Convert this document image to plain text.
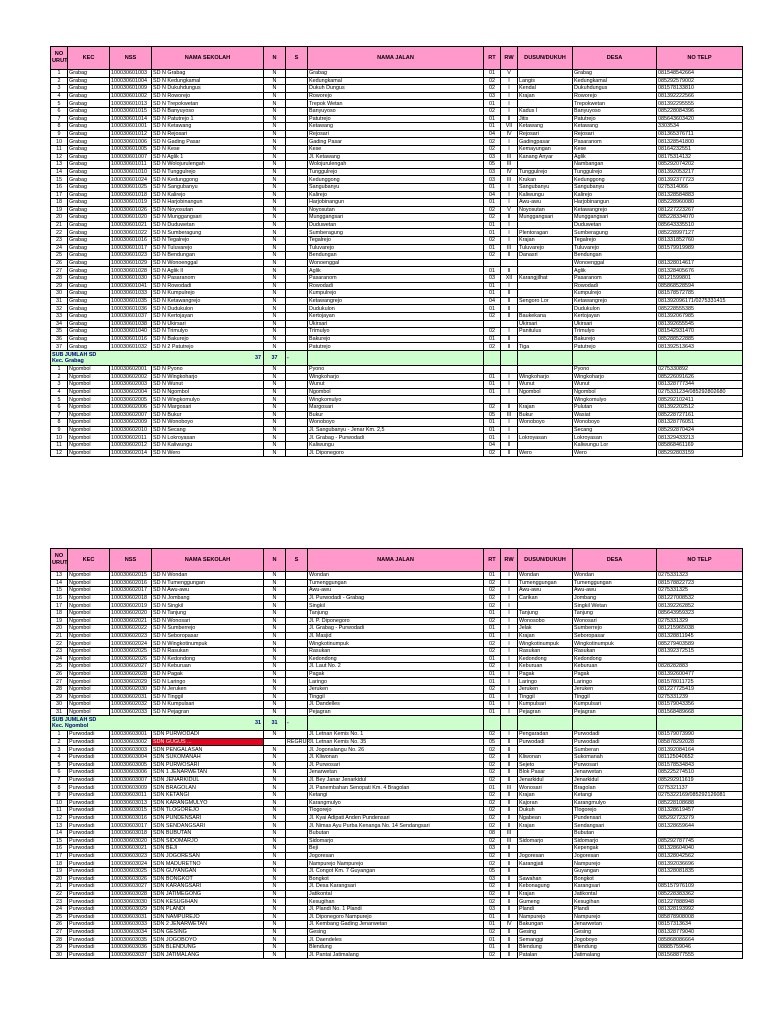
NO URUT	KEC	NSS	NAMA SEKOLAH	N	S	NAMA JALAN	RT	RW	DUSUN/DUKUH	DESA	NO TELP
1	Grabag	100030601003	SD N Grabag	N		Grabag	01	V		Grabag	081548542664
2	Grabag	100030601004	SD N Kedungkamal	N		Kedungkamal	02	I	Langis	Kedungkamal	085292579002
3	Grabag	100030601009	SD N Dukuhdungus	N		Dukuh Dungus	02	I	Kendal	Dukuhdungus	081578133810
4	Grabag	100030601002	SD N Roworejo	N		Roworejo	03	I	Krajan	Roworejo	081392222566
5	Grabag	100030601013	SD N Trepokwetan	N		Trepok Wetan	01	I		Trepokwetan	081392295555
6	Grabag	100030601015	SD N Banyuyoso	N		Banyuyoso	02	I	Kadus I	Banyuyoso	085228084396
7	Grabag	100030601014	SD N Patutrejo 1	N		Patutrejo	01	II	Jitis	Patutrejo	085643603420
8	Grabag	100030601001	SD N Ketawang	N		Ketawang	01	VII	Ketawang	Ketawang	3303534
9	Grabag	100030601012	SD N Rejosari	N		Rejosari	04	IV	Rejosari	Rejosari	081365376711
10	Grabag	100030601006	SD N Gading Pasar	N		Gading Pasar	02	I	Gadingpasar	Pasaranom	081328541800
11	Grabag	100030601005	SD N Kese	N		Kese	02	I	Kemayungan	Kese	08164232551
12	Grabag	100030601007	SD N Aglik 1	N		Jl. Ketawang	03	III	Kanang Anyar	Aglik	08175314132
13	Grabag	100030601011	SD N Wolojurulengah	N		Wolojurulengah	05	III		Nambangan	085292074202
14	Grabag	100030601010	SD N Tunggulrejo	N		Tunggulrejo	03	IV	Tunggulrejo	Tunggulrejo	081392053217
15	Grabag	100030601024	SD N Kedunggong	N		Kedunggong	03	III	Krukan	Kedunggong	081392377723
16	Grabag	100030601025	SD N Sangubanyu	N		Sangubanyu	01	I	Sangubanyu	Sangubanyu	0275314066
17	Grabag	100030601018	SD N Kalirejo	N		Kalirejo	04	I	Kaliwungu	Kalirejo	081328584883
18	Grabag	100030601019	SD N Harjobinangun	N		Harjobinangun	01	I	Awu-awu	Harjobinangun	085228960080
19	Grabag	100030601026	SD N Noyosutan	N		Noyosutan	02	V	Noyosutan	Ketawangrejo	081227223267
20	Grabag	100030601020	SD N Munggangsari	N		Munggangsari	02	II	Munggangsari	Munggangsari	085228334070
21	Grabag	100030601021	SD N Duduwetan	N		Duduwetan	01	I		Duduwetan	085643335510
22	Grabag	100030601022	SD N Sumberagung	N		Sumberagung	01	I	Plentoragan	Sumberagung	085228997127
23	Grabag	100030601016	SD N Tegalrejo	N		Tegalrejo	02	I	Krajan	Tegalrejo	081331852760
24	Grabag	100030601017	SD N Tuluvarejo	N		Tuluvarejo	01	III	Tuluvarejo	Tuluvarejo	081579919989
25	Grabag	100030601023	SD N Bendungan	N		Bendungan	02	II	Danasri	Bendungan	
26	Grabag	100030601029	SD N Wonoenggal	N		Wonoenggal				Wonoenggal	081328014617
27	Grabag	100030601028	SD N Aglik II	N		Aglik	01	II		Aglik	081328405676
28	Grabag	100030601030	SD N Pasaranom	N		Pasaranom	03	XII	Karangjilhat	Pasaranom	08121599801
29	Grabag	100030601041	SD N Rowodadi	N		Rowodadi	01	I		Rowodadi	085868528594
30	Grabag	100030601033	SD N Kumpulrejo	N		Kumpulrejo	01	II		Kumpulrejo	081578572785
31	Grabag	100030601035	SD N Ketawangrejo	N		Ketawangrejo	04	II	Sengoro Lor	Ketawangrejo	081392096171/0275331415
32	Grabag	100030601036	SD N Dudukulon	N		Dudukulon	01	II		Dudukulon	085228555385
33	Grabag	100030601037	SD N Kertojayan	N		Kertojayan	02	II	Baukekana	Kertojayan	081392067985
34	Grabag	100030601038	SD N Ukirsari	N		Ukirsari			Ukirsari	Ukirsari	081392655545
35	Grabag	100030601040	SD N Trimulyo	N		Trimulyo	02	I	Panitulus	Trimulyo	081542931470
36	Grabag	100030601016	SD N Bakurejo	N		Bakurejo	01	II		Bakurejo	085288522885
37	Grabag	100030601032	SD N 2 Patutrejo	N		Patutrejo	02	II	Tiga	Patutrejo	081392513643

SUB JUMLAH SD
Kec. Grabag 37				37	-						
1	Ngombol	100030602001	SD N Pyono	N		Pyono				Pyono	0275330892
2	Ngombol	100030602002	SD N Wingkoharjo	N		Wingkoharjo	01	I	Wingkoharjo	Wingkoharjo	085226091626
3	Ngombol	100030602003	SD N Wunut	N		Wunut	01	I	Wunut	Wunut	081328777344
4	Ngombol	100030602004	SD N Ngombol	N		Ngombol	01	I	Ngombol	Ngombol	0275331234/085292802680
5	Ngombol	100030602005	SD N Wingkomulyo	N		Wingkomulyo				Wingkomulyo	085292102411
6	Ngombol	100030602006	SD N Margosari	N		Margosari	02	II	Krajan	Pulutan	081392202512
7	Ngombol	100030602007	SD N Bukur	N		Bukur	05	III	Bukur	Wasiat	085228727161
8	Ngombol	100030602009	SD N Wonoboyo	N		Wonoboyo	01	I	Wonoboyo	Wonoboyo	081328776051
9	Ngombol	100030602010	SD N Secang	N		Jl. Sangubanyu - Jenar Km. 2,5	01	I		Secang	085292870424
10	Ngombol	100030602011	SD N Lokroyasan	N		Jl. Grabag - Purwodadi	01	I	Lokroyasan	Lokroyasan	081329433213
11	Ngombol	100030602012	SD N Kaliwungu	N		Kaliwungu	04	II		Kaliwungu Lor	085868461169
12	Ngombol	100030602014	SD N Wero	N		Jl. Diponegoro	02	II	Wero	Wero	085292803159
NO URUT	KEC	NSS	NAMA SEKOLAH	N	S	NAMA JALAN	RT	RW	DUSUN/DUKUH	DESA	NO TELP
13	Ngombol	100030602015	SD N Wondan	N		Wondan	01	I	Wondan	Wondan	0275331323
14	Ngombol	100030602016	SD N Tumenggungan	N		Tumenggungan	02	I	Tumenggungan	Tumenggungan	081578822723
15	Ngombol	100030602017	SD N Awu-awu	N		Awu-awu	02	I	Awu-awu	Awu-awu	0275331325
16	Ngombol	100030602018	SD N Jombang	N		Jl. Purwodadi - Grabag	02	I	Carikan	Jombang	081227008532
17	Ngombol	100030602019	SD N Singkil	N		Singkil	02	I		Singkil Wetan	081392262852
18	Ngombol	100030602020	SD N Tanjung	N		Tanjung	01	I	Tanjung	Tanjung	085643959323
19	Ngombol	100030602021	SD N Wonosari	N		Jl. P. Diponegoro	02	I	Wonosobo	Wonosari	0275331329
20	Ngombol	100030602022	SD N Sumberrejo	N		Jl. Grabag - Purwodadi	01	I	Jelak	Sumberrejo	081215965038
21	Ngombol	100030602023	SD N Seboropasar	N		Jl. Masjid	01	I	Krajan	Seboropasar	081328811945
22	Ngombol	100030602024	SD N Wingkotinumpuk	N		Wingkotinumpuk	02	I	Wingkotinumpuk	Wingkotinumpuk	085279403589
23	Ngombol	100030602025	SD N Rasukan	N		Rasukan	02	I	Rasukan	Rasukan	081392372515
24	Ngombol	100030602026	SD N Kedondong	N		Kedondong	01	I	Kedondong	Kedondong	
25	Ngombol	100030602027	SD N Keburuan	N		Jl. Laut No. 2	02	I	Keburuan	Keburuan	0828282883
26	Ngombol	100030602028	SD N Pagak	N		Pagak	01	I	Pagak	Pagak	081392600477
27	Ngombol	100030602029	SD N Laringo	N		Laringo	01	I	Laringo	Laringo	081578011725
28	Ngombol	100030602030	SD N Jeruken	N		Jeruken	02	I	Jeruken	Jeruken	081227725419
29	Ngombol	100030602031	SD N Tinggil	N		Tinggil	01	I	Tinggil	Tinggil	0275331239
30	Ngombol	100030602032	SD N Kumpulsari	N		Jl. Dandelles	01	I	Kumpulsari	Kumpulsari	081579043356
31	Ngombol	100030602033	SD N Pejagran	N		Pejagran	01	I	Pejagran	Pejagran	081568489668

SUB JUMLAH SD
Kec. Ngombol 31				31	-						
1	Purwodadi	100030603001	SDN PURWODADI	N		Jl. Letnan Kemis No. 1	02	I	Pengaradan	Purwodadi	081579073990
2	Purwodadi	100030603002	SDN GUGUS ...		REGRUP	Jl. Letnan Kemis No. 35	05	II	Purwodadi	Purwodadi	085878292028
3	Purwodadi	100030603003	SDN PENGALASAN	N		Jl. Jogonalangu No. 26	02	II		Sumberan	081392084164
4	Purwodadi	100030603004	SDN SUKOMANAH	N		Jl. Kliwonan	02	II	Kliwonan	Sukomanah	081125040652
5	Purwodadi	100030603005	SDN PURWOSARI	N		Jl. Purwosari	02	II	Sejeto	Purwosari	081578534843
6	Purwodadi	100030603006	SDN 1 JENARWETAN	N		Jenarwetan	02	II	Blok Pasar	Jenarwetan	085225274510
7	Purwodadi	100030603007	SDN JENARKIDUL	N		Jl. Bey Janar Jenarkidul	02	II	Jenarkidul	Jenarkidul	085292911619
8	Purwodadi	100030603009	SDN BRAGOLAN	N		Jl. Panembahan Senopati Km. 4 Bragolan	01	III	Wonosari	Bragolan	0275321137
9	Purwodadi	100030603011	SDN KETANGI	N		Ketangi	02	II	Krajan	Ketangi	0275322169/085292126081
10	Purwodadi	100030603013	SDN KARANGMULYO	N		Karangmulyo	02	II	Kajoran	Karangmulyo	085228108688
11	Purwodadi	100030603015	SDN TLOGOREJO	N		Tlogorejo	02	II	Dukuh	Tlogorejo	081328619457
12	Purwodadi	100030603016	SDN PUNDENSARI	N		Jl. Kyai Adipati Anden Pundensari	02	II	Ngabean	Pundensari	085292723279
13	Purwodadi	100030603017	SDN SENDANGSARI	N		Jl. Nimas Ayu Purba Kenanga No. 14 Sendangsari	02	II	Krajan	Sendangsari	081328659644
14	Purwodadi	100030603018	SDN BUBUTAN	N		Bubutan	08	III		Bubutan	
15	Purwodadi	100030603020	SDN SIDOMARJO	N		Sidomarjo	02	III	Sidomarjo	Sidomarjo	085292787745
16	Purwodadi	100030603021	SDN BEJI	N		Beji	03	II		Kepengak	081328604040
17	Purwodadi	100030603023	SDN JOGORESAN	N		Jogoresan	02	II	Jogoresan	Jogoresan	081328042562
18	Purwodadi	100030603024	SDN MADURETNO	N		Nampurejo Nampurejo	02	II	Karangjati	Nampurejo	081392036696
19	Purwodadi	100030603025	SDN GUYANGAN	N		Jl. Congot Km. 7 Guyangan	05	II		Guyangan	081328081835
20	Purwodadi	100030603026	SDN BONGKOT	N		Bongkot	03	II	Sawahan	Bongkot	
21	Purwodadi	100030603027	SDN KARANGSARI	N		Jl. Desa Karangsari	02	II	Kebonagung	Karangsari	085157976109
22	Purwodadi	100030603028	SDN JATIMEGONG	N		Jatikontal	02	II	Krajan	Jatikontal	085228383362
23	Purwodadi	100030603030	SDN KESUGIHAN	N		Kesugihan	02	II	Gumeng	Kesugihan	081227888948
24	Purwodadi	100030603029	SDN PLANDI	N		Jl. Plandi No. 1 Plandi	03	II	Plandi	Plandi	081328193992
25	Purwodadi	100030603031	SDN NAMPUREJO	N		Jl. Diponegoro Nampurejo	01	II	Nampurejo	Nampurejo	085878908008
26	Purwodadi	100030603033	SDN 2 JENARWETAN	N		Jl. Kembang Gading Jenarwetan	01	IV	Bakungan	Jenarwetan	08157313634
27	Purwodadi	100030603034	SDN GESING	N		Gesing	02	II	Gesing	Gesing	081328779040
28	Purwodadi	100030603035	SDN JOGOBOYO	N		Jl. Daendeles	01	II	Semanggi	Jogoboyo	085868086664
29	Purwodadi	100030603036	SDN BLENDUNG	N		Blendung	01	II	Blendung	Blendung	08885759046
30	Purwodadi	100030603037	SDN JATIMALANG	N		Jl. Pantai Jatimalang	02	II	Patalan	Jatimalang	081568877555
